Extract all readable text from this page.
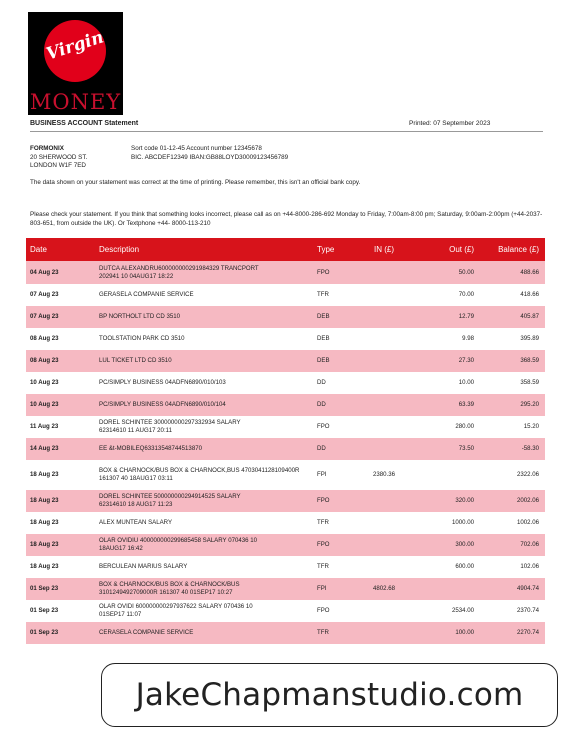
Virgin
MONEY
BUSINESS ACCOUNT Statement	Printed: 07 September 2023
FORMONIX
20 SHERWOOD ST.
LONDON W1F 7ED
Sort code 01-12-45 Account number 12345678
BIC. ABCDEF12349 IBAN:GB88LOYD30009123456789
The data shown on your statement was correct at the time of printing. Please remember, this isn't an official bank copy.
Please check your statement. If you think that something looks incorrect, please call as on +44-8000-286-692 Monday to Friday, 7:00am-8:00 pm; Saturday, 9:00am-2:00pm (+44-2037-803-651, from outside the UK). Or Textphone +44- 8000-113-210
Date	Description	Type	IN (£)	Out (£)	Balance (£)
04 Aug 23	DUTCA ALEXANDRU600000000291984329 TRANCPORT
202941 10 04AUG17 18:22	FPO		50.00	488.66
07 Aug 23	GERASELA COMPANIE SERVICE	TFR		70.00	418.66
07 Aug 23	BP NORTHOLT LTD CD 3510	DEB		12.79	405.87
08 Aug 23	TOOLSTATION PARK CD 3510	DEB		9.98	395.89
08 Aug 23	LUL TICKET LTD CD 3510	DEB		27.30	368.59
10 Aug 23	PC/SIMPLY BUSINESS 04ADFN6890/010/103	DD		10.00	358.59
10 Aug 23	PC/SIMPLY BUSINESS 04ADFN6890/010/104	DD		63.39	295.20
11 Aug 23	DOREL SCHINTEE 300000000297332934 SALARY
62314610 11 AUG17 20:11	FPO		280.00	15.20
14 Aug 23	EE &t-MOBILEQ63313548744513870	DD		73.50	-58.30
18 Aug 23	BOX & CHARNOCK/BUS BOX & CHARNOCK,BUS 4703041128109400R
161307 40 18AUG17 03:11	FPI	2380.36		2322.06
18 Aug 23	DOREL SCHINTEE 500000000294914525 SALARY
62314610 18 AUG17 11:23	FPO		320.00	2002.06
18 Aug 23	ALEX MUNTEAN SALARY	TFR		1000.00	1002.06
18 Aug 23	OLAR OVIDIU 400000000299685458 SALARY 070436 10
18AUG17 16:42	FPO		300.00	702.06
18 Aug 23	BERCULEAN MARIUS SALARY	TFR		600.00	102.06
01 Sep 23	BOX & CHARNOCK/BUS BOX & CHARNOCK/BUS
3101249492709000R 161307 40 01SEP17 10:27	FPI	4802.68		4904.74
01 Sep 23	OLAR OVIDI 600000000297937622 SALARY 070436 10
01SEP17 11:07	FPO		2534.00	2370.74
01 Sep 23	CERASELA COMPANIE SERVICE	TFR		100.00	2270.74
JakeChapmanstudio.com
